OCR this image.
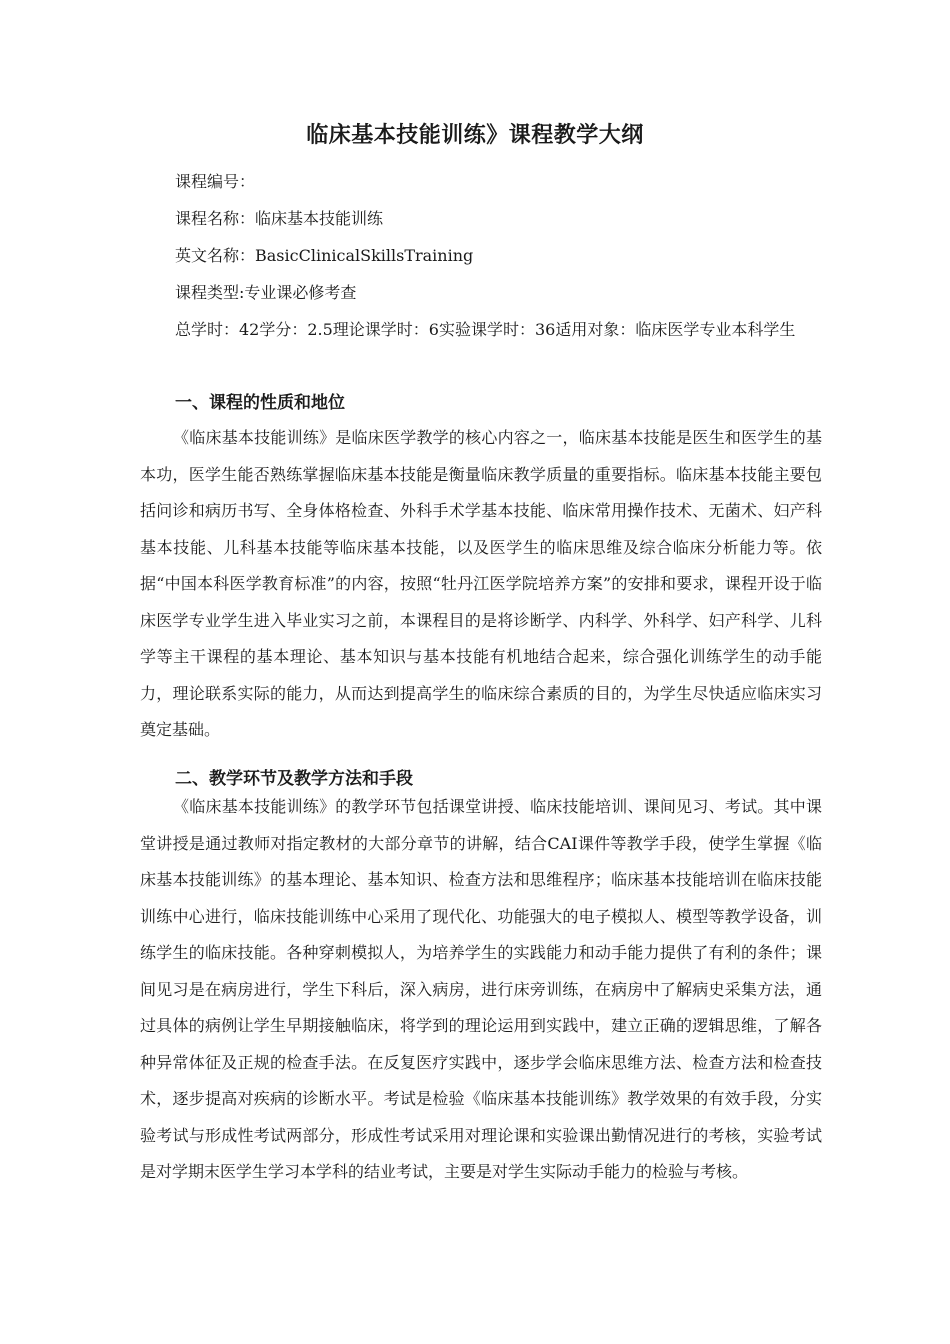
临床基本技能训练》课程教学大纲

课程编号：

课程名称：临床基本技能训练

英文名称：BasicClinicalSkillsTraining

课程类型:专业课必修考查

总学时：42学分：2.5理论课学时：6实验课学时：36适用对象：临床医学专业本科学生

一、课程的性质和地位

《临床基本技能训练》是临床医学教学的核心内容之一，临床基本技能是医生和医学生的基本功，医学生能否熟练掌握临床基本技能是衡量临床教学质量的重要指标。临床基本技能主要包括问诊和病历书写、全身体格检查、外科手术学基本技能、临床常用操作技术、无菌术、妇产科基本技能、儿科基本技能等临床基本技能，以及医学生的临床思维及综合临床分析能力等。依据“中国本科医学教育标准”的内容，按照“牡丹江医学院培养方案”的安排和要求，课程开设于临床医学专业学生进入毕业实习之前，本课程目的是将诊断学、内科学、外科学、妇产科学、儿科学等主干课程的基本理论、基本知识与基本技能有机地结合起来，综合强化训练学生的动手能力，理论联系实际的能力，从而达到提高学生的临床综合素质的目的，为学生尽快适应临床实习奠定基础。

二、教学环节及教学方法和手段

《临床基本技能训练》的教学环节包括课堂讲授、临床技能培训、课间见习、考试。其中课堂讲授是通过教师对指定教材的大部分章节的讲解，结合CAI课件等教学手段，使学生掌握《临床基本技能训练》的基本理论、基本知识、检查方法和思维程序；临床基本技能培训在临床技能训练中心进行，临床技能训练中心采用了现代化、功能强大的电子模拟人、模型等教学设备，训练学生的临床技能。各种穿刺模拟人，为培养学生的实践能力和动手能力提供了有利的条件；课间见习是在病房进行，学生下科后，深入病房，进行床旁训练，在病房中了解病史采集方法，通过具体的病例让学生早期接触临床，将学到的理论运用到实践中，建立正确的逻辑思维，了解各种异常体征及正规的检查手法。在反复医疗实践中，逐步学会临床思维方法、检查方法和检查技术，逐步提高对疾病的诊断水平。考试是检验《临床基本技能训练》教学效果的有效手段，分实验考试与形成性考试两部分，形成性考试采用对理论课和实验课出勤情况进行的考核，实验考试是对学期末医学生学习本学科的结业考试，主要是对学生实际动手能力的检验与考核。
